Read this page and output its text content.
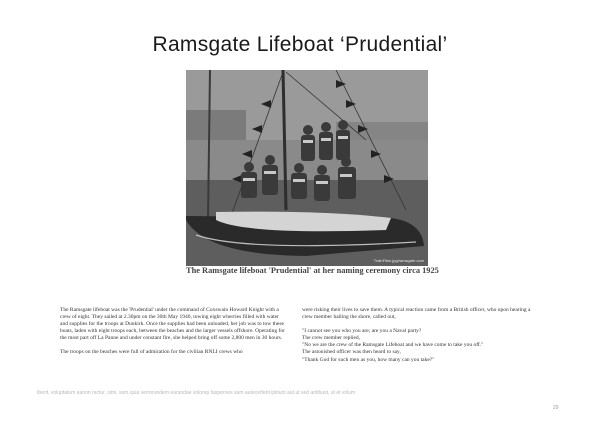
Ramsgate Lifeboat ‘Prudential’
TrainFiles.jpg/ramsgate.com
The Ramsgate lifeboat 'Prudential' at her naming ceremony circa 1925

The Ramsgate lifeboat was the 'Prudential' under the command of Coxswain Howard Knight with a crew of eight. They sailed at 2.30pm on the 30th May 1940, towing eight wherries filled with water and supplies for the troops at Dunkirk. Once the supplies had been unloaded, her job was to tow these boats, laden with eight troops each, between the beaches and the larger vessels offshore. Operating for the most part off La Panne and under constant fire, she helped bring off some 2,800 men in 30 hours.

The troops on the beaches were full of admiration for the civilian RNLI crews who

were risking their lives to save them. A typical reaction came from a British officer, who upon hearing a crew member hailing the shore, called out,

"I cannot see you who you are; are you a Naval party?

The crew member replied,

"No we are the crew of the Ramsgate Lifeboat and we have come to take you off."

The astonished officer was then heard to say,

"Thank God for such men as you, how many can you take?"

Iberit, voluptatum earion rectur, simi, sum quia verrorundem earundae volorep faspernes sam autecerfent ipitiunt aut ut sed antibust, ut et volum
29
